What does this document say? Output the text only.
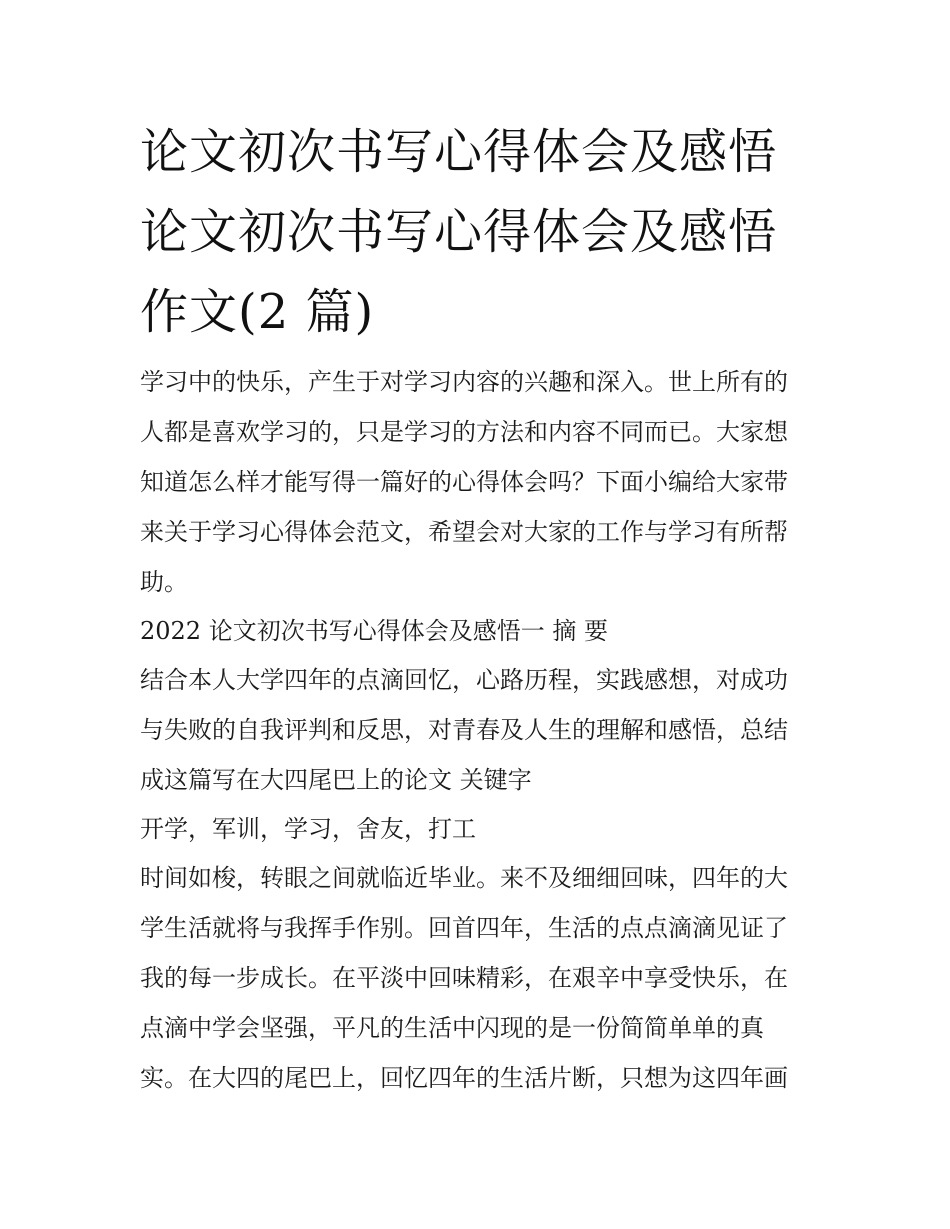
论文初次书写心得体会及感悟
论文初次书写心得体会及感悟
作文(2 篇)

学习中的快乐，产生于对学习内容的兴趣和深入。世上所有的
人都是喜欢学习的，只是学习的方法和内容不同而已。大家想
知道怎么样才能写得一篇好的心得体会吗？下面小编给大家带
来关于学习心得体会范文，希望会对大家的工作与学习有所帮
助。

2022 论文初次书写心得体会及感悟一 摘 要

结合本人大学四年的点滴回忆，心路历程，实践感想，对成功
与失败的自我评判和反思，对青春及人生的理解和感悟，总结
成这篇写在大四尾巴上的论文 关键字

开学，军训，学习，舍友，打工

时间如梭，转眼之间就临近毕业。来不及细细回味，四年的大
学生活就将与我挥手作别。回首四年，生活的点点滴滴见证了
我的每一步成长。在平淡中回味精彩，在艰辛中享受快乐，在
点滴中学会坚强，平凡的生活中闪现的是一份简简单单的真
实。在大四的尾巴上，回忆四年的生活片断，只想为这四年画
